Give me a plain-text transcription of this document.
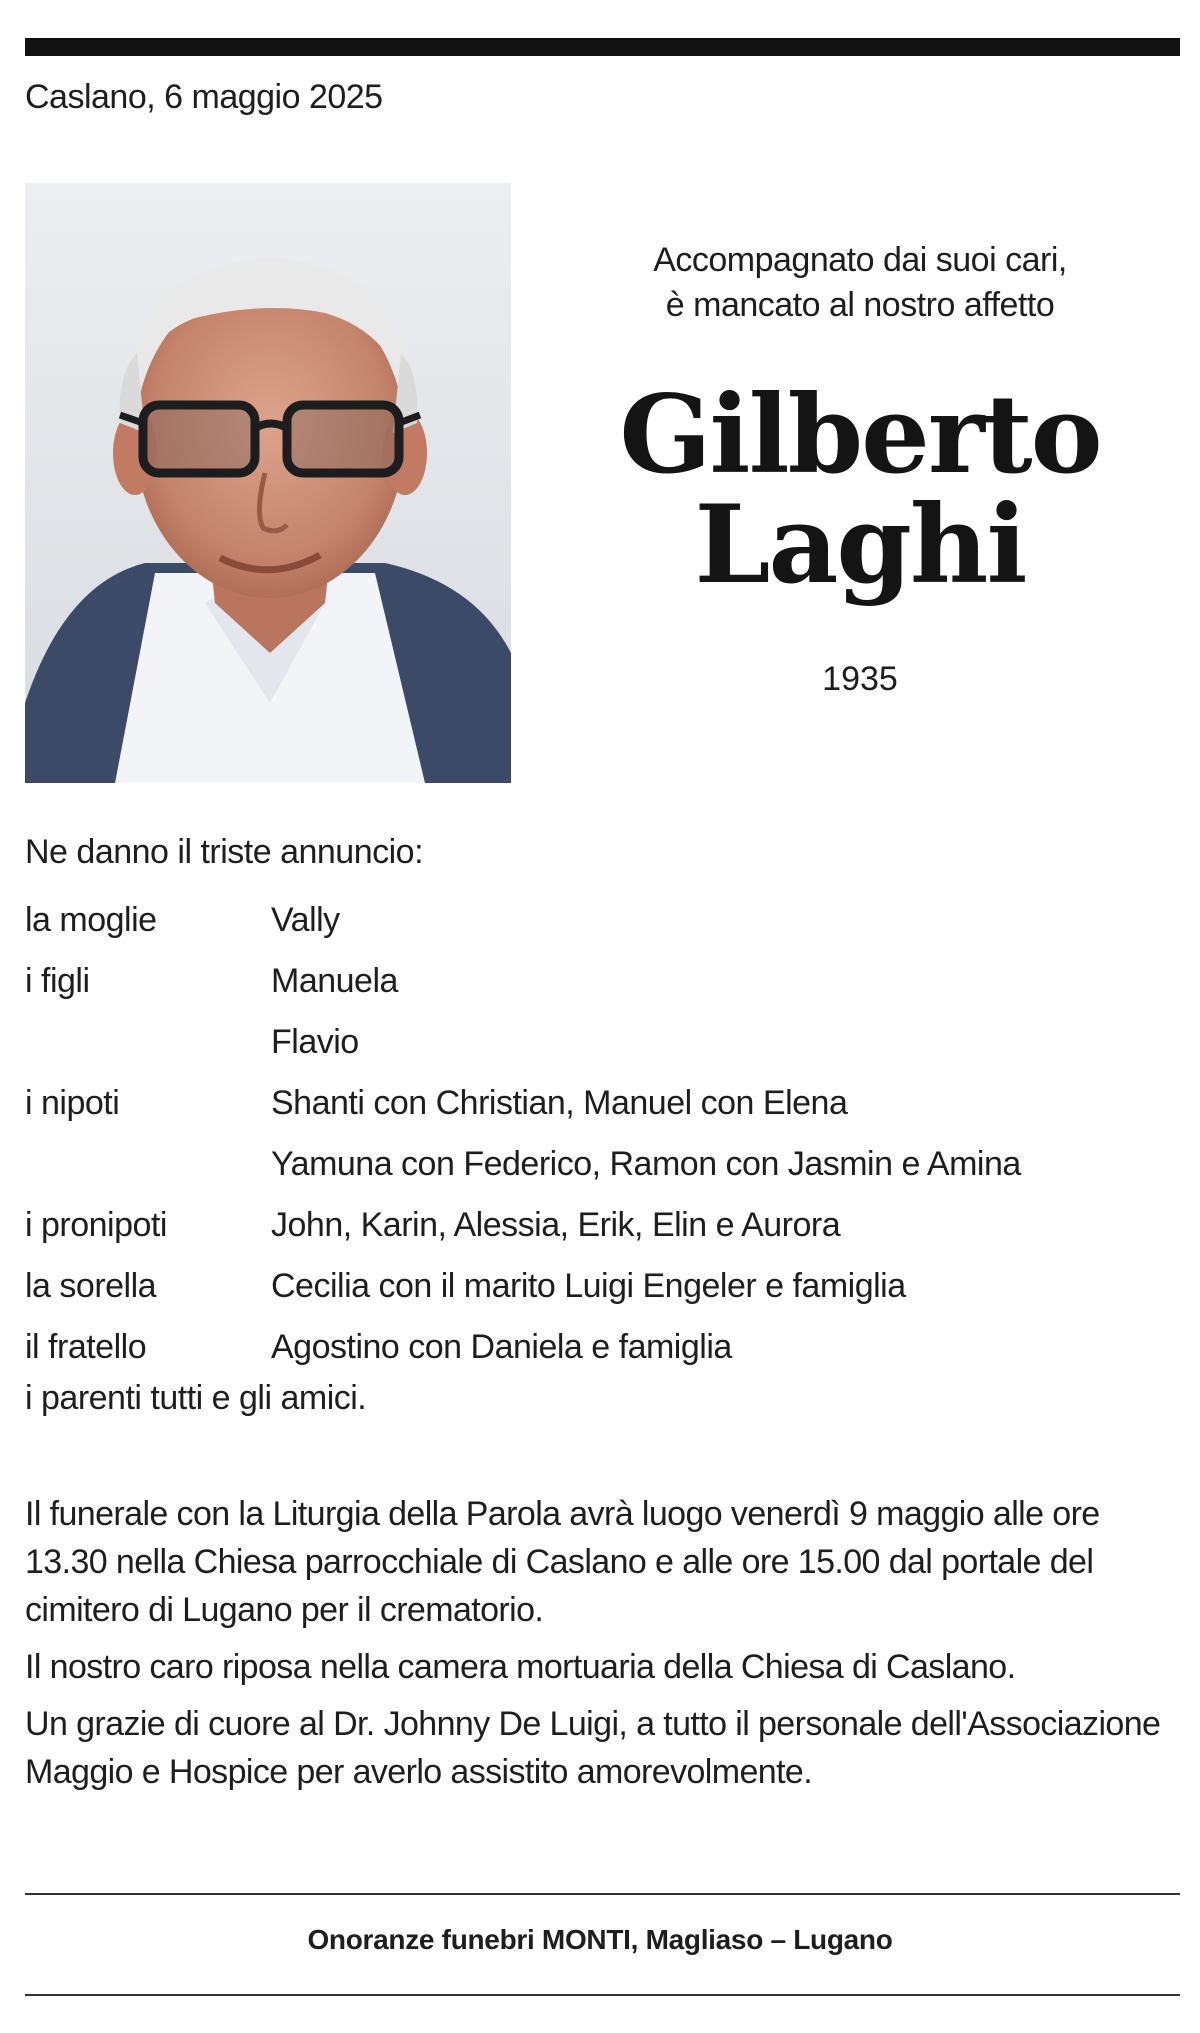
Caslano, 6 maggio 2025
Accompagnato dai suoi cari,
è mancato al nostro affetto
Gilberto
Laghi
1935
Ne danno il triste annuncio:
la moglie	Vally
i figli	Manuela
Flavio
i nipoti	Shanti con Christian, Manuel con Elena
Yamuna con Federico, Ramon con Jasmin e Amina
i pronipoti	John, Karin, Alessia, Erik, Elin e Aurora
la sorella	Cecilia con il marito Luigi Engeler e famiglia
il fratello	Agostino con Daniela e famiglia
i parenti tutti e gli amici.

Il funerale con la Liturgia della Parola avrà luogo venerdì 9 maggio alle ore 13.30 nella Chiesa parrocchiale di Caslano e alle ore 15.00 dal portale del cimitero di Lugano per il crematorio.

Il nostro caro riposa nella camera mortuaria della Chiesa di Caslano.

Un grazie di cuore al Dr. Johnny De Luigi, a tutto il personale dell'Associazione Maggio e Hospice per averlo assistito amorevolmente.

Onoranze funebri MONTI, Magliaso – Lugano
